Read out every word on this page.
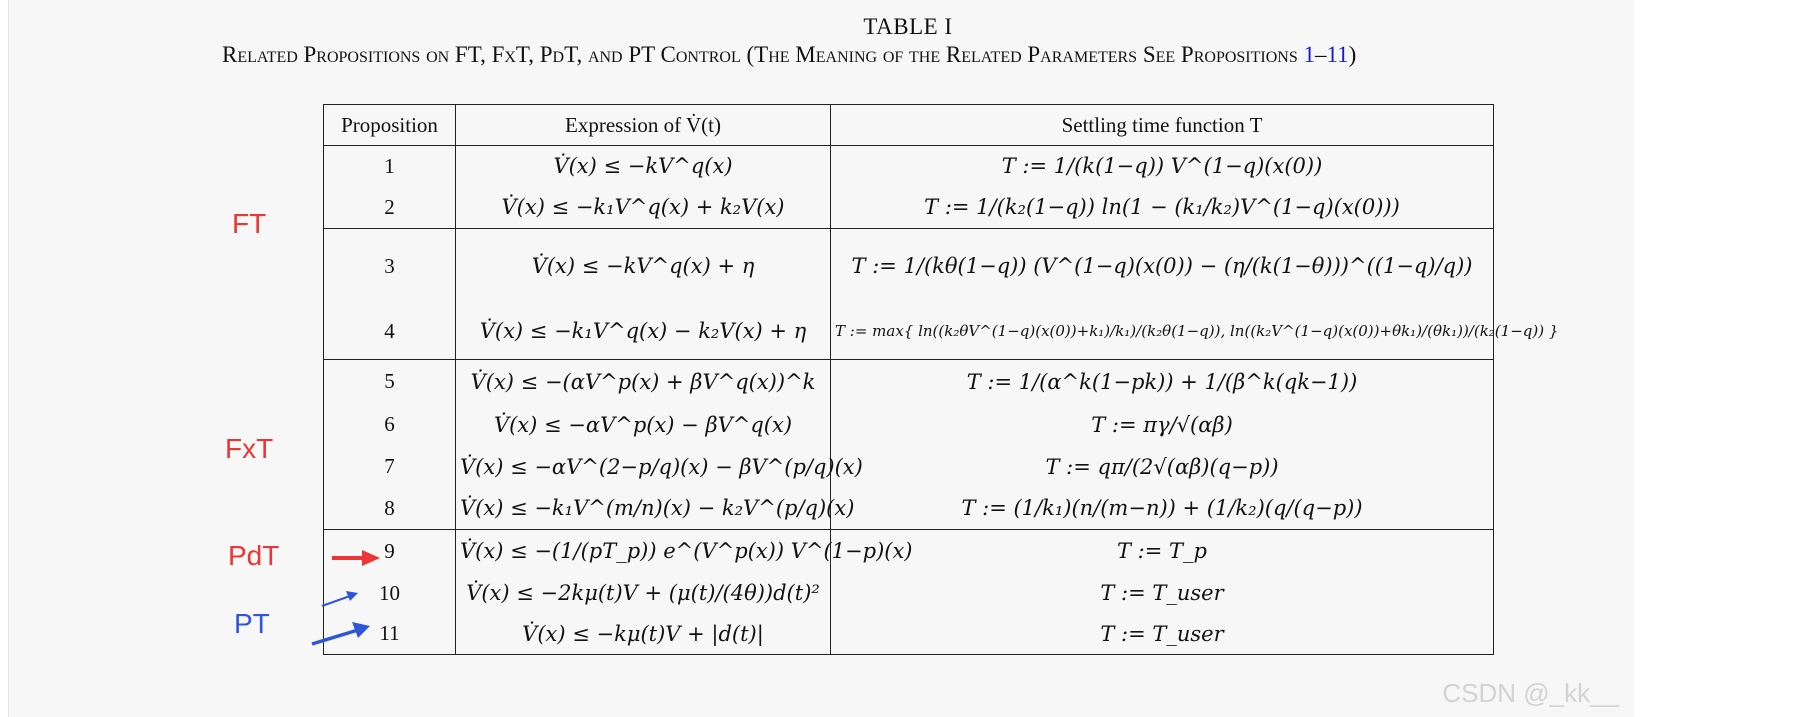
TABLE I
Related Propositions on FT, FxT, PdT, and PT Control (The Meaning of the Related Parameters See Propositions 1–11)
Proposition	Expression of V̇(t)	Settling time function T
1	V̇(x) ≤ −kV^q(x)	T := 1/(k(1−q)) V^(1−q)(x(0))
2	V̇(x) ≤ −k₁V^q(x) + k₂V(x)	T := 1/(k₂(1−q)) ln(1 − (k₁/k₂)V^(1−q)(x(0)))
3	V̇(x) ≤ −kV^q(x) + η	T := 1/(kθ(1−q)) (V^(1−q)(x(0)) − (η/(k(1−θ)))^((1−q)/q))
4	V̇(x) ≤ −k₁V^q(x) − k₂V(x) + η	T := max{ ln((k₂θV^(1−q)(x(0))+k₁)/k₁)/(k₂θ(1−q)), ln((k₂V^(1−q)(x(0))+θk₁)/(θk₁))/(k₂(1−q)) }
5	V̇(x) ≤ −(αV^p(x) + βV^q(x))^k	T := 1/(α^k(1−pk)) + 1/(β^k(qk−1))
6	V̇(x) ≤ −αV^p(x) − βV^q(x)	T := πγ/√(αβ)
7	V̇(x) ≤ −αV^(2−p/q)(x) − βV^(p/q)(x)	T := qπ/(2√(αβ)(q−p))
8	V̇(x) ≤ −k₁V^(m/n)(x) − k₂V^(p/q)(x)	T := (1/k₁)(n/(m−n)) + (1/k₂)(q/(q−p))
9	V̇(x) ≤ −(1/(pT_p)) e^(V^p(x)) V^(1−p)(x)	T := T_p
10	V̇(x) ≤ −2kμ(t)V + (μ(t)/(4θ))d(t)²	T := T_user
11	V̇(x) ≤ −kμ(t)V + |d(t)|	T := T_user
FT
FxT
PdT
PT
CSDN @_kk__
